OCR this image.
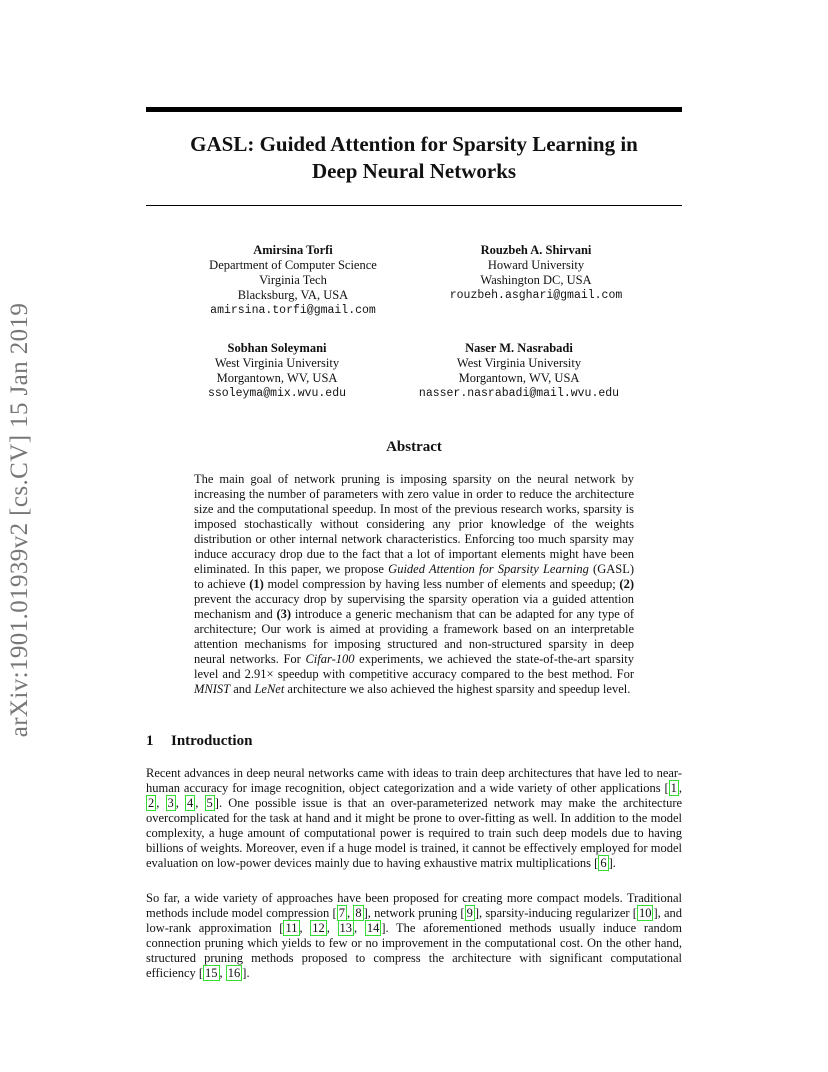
arXiv:1901.01939v2 [cs.CV] 15 Jan 2019
GASL: Guided Attention for Sparsity Learning in
Deep Neural Networks
Amirsina Torfi
Department of Computer Science
Virginia Tech
Blacksburg, VA, USA
amirsina.torfi@gmail.com
Rouzbeh A. Shirvani
Howard University
Washington DC, USA
rouzbeh.asghari@gmail.com
Sobhan Soleymani
West Virginia University
Morgantown, WV, USA
ssoleyma@mix.wvu.edu
Naser M. Nasrabadi
West Virginia University
Morgantown, WV, USA
nasser.nasrabadi@mail.wvu.edu
Abstract
The main goal of network pruning is imposing sparsity on the neural network by increasing the number of parameters with zero value in order to reduce the architecture size and the computational speedup. In most of the previous research works, sparsity is imposed stochastically without considering any prior knowledge of the weights distribution or other internal network characteristics. Enforcing too much sparsity may induce accuracy drop due to the fact that a lot of important elements might have been eliminated. In this paper, we propose Guided Attention for Sparsity Learning (GASL) to achieve (1) model compression by having less number of elements and speedup; (2) prevent the accuracy drop by supervising the sparsity operation via a guided attention mechanism and (3) introduce a generic mechanism that can be adapted for any type of architecture; Our work is aimed at providing a framework based on an interpretable attention mechanisms for imposing structured and non-structured sparsity in deep neural networks. For Cifar-100 experiments, we achieved the state-of-the-art sparsity level and 2.91× speedup with competitive accuracy compared to the best method. For MNIST and LeNet architecture we also achieved the highest sparsity and speedup level.
1 Introduction
Recent advances in deep neural networks came with ideas to train deep architectures that have led to near-human accuracy for image recognition, object categorization and a wide variety of other applications [ 1 , 2 , 3 , 4 , 5 ]. One possible issue is that an over-parameterized network may make the architecture overcomplicated for the task at hand and it might be prone to over-fitting as well. In addition to the model complexity, a huge amount of computational power is required to train such deep models due to having billions of weights. Moreover, even if a huge model is trained, it cannot be effectively employed for model evaluation on low-power devices mainly due to having exhaustive matrix multiplications [ 6 ].
So far, a wide variety of approaches have been proposed for creating more compact models. Traditional methods include model compression [ 7 , 8 ], network pruning [ 9 ], sparsity-inducing regularizer [ 10 ], and low-rank approximation [ 11 , 12 , 13 , 14 ]. The aforementioned methods usually induce random connection pruning which yields to few or no improvement in the computational cost. On the other hand, structured pruning methods proposed to compress the architecture with significant computational efficiency [ 15 , 16 ].
